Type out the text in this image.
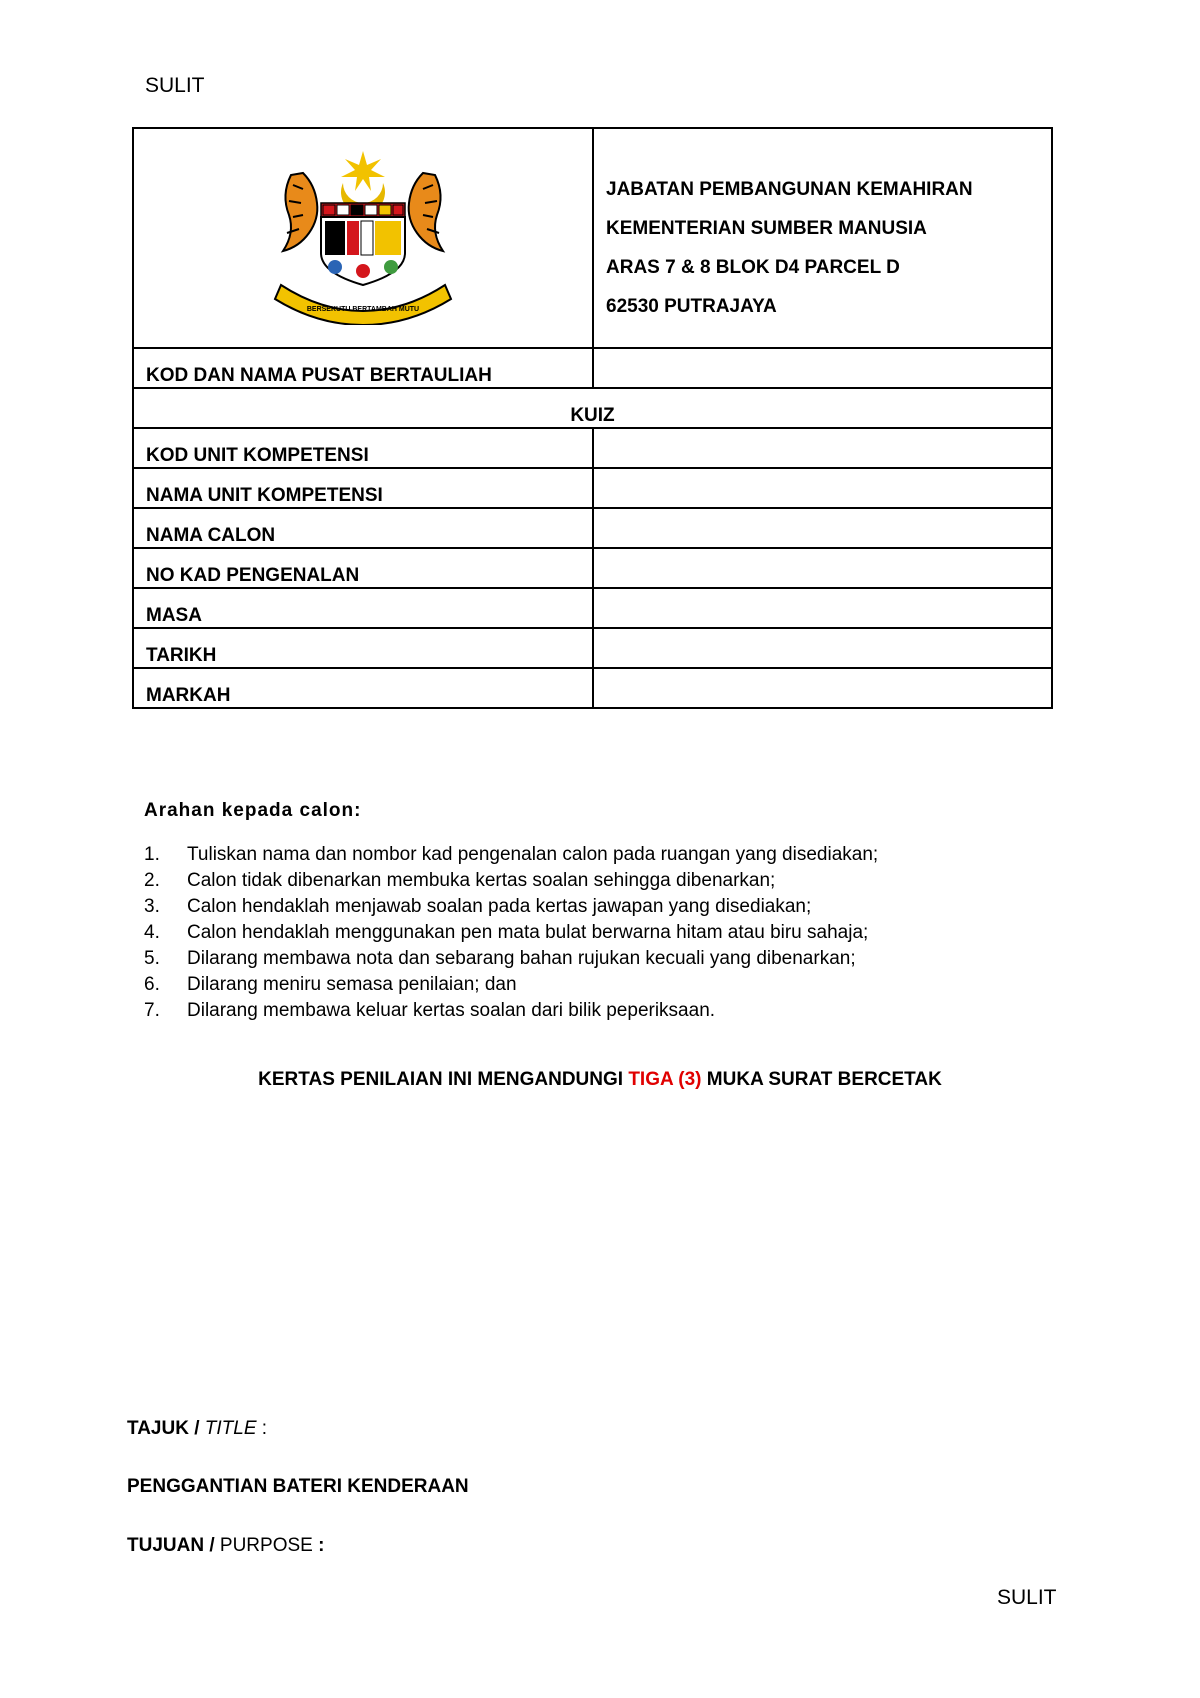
SULIT
BERSEKUTU BERTAMBAH MUTU	JABATAN PEMBANGUNAN KEMAHIRAN
KEMENTERIAN SUMBER MANUSIA
ARAS 7 & 8 BLOK D4 PARCEL D
62530 PUTRAJAYA

KOD DAN NAMA PUSAT BERTAULIAH	
KUIZ	
KOD UNIT KOMPETENSI	
NAMA UNIT KOMPETENSI	
NAMA CALON	
NO KAD PENGENALAN	
MASA	
TARIKH	
MARKAH	
Arahan kepada calon:
1.	Tuliskan nama dan nombor kad pengenalan calon pada ruangan yang disediakan;
2.	Calon tidak dibenarkan membuka kertas soalan sehingga dibenarkan;
3.	Calon hendaklah menjawab soalan pada kertas jawapan yang disediakan;
4.	Calon hendaklah menggunakan pen mata bulat berwarna hitam atau biru sahaja;
5.	Dilarang membawa nota dan sebarang bahan rujukan kecuali yang dibenarkan;
6.	Dilarang meniru semasa penilaian; dan
7.	Dilarang membawa keluar kertas soalan dari bilik peperiksaan.
KERTAS PENILAIAN INI MENGANDUNGI TIGA (3) MUKA SURAT BERCETAK
TAJUK / TITLE :
PENGGANTIAN BATERI KENDERAAN
TUJUAN / PURPOSE :
SULIT
